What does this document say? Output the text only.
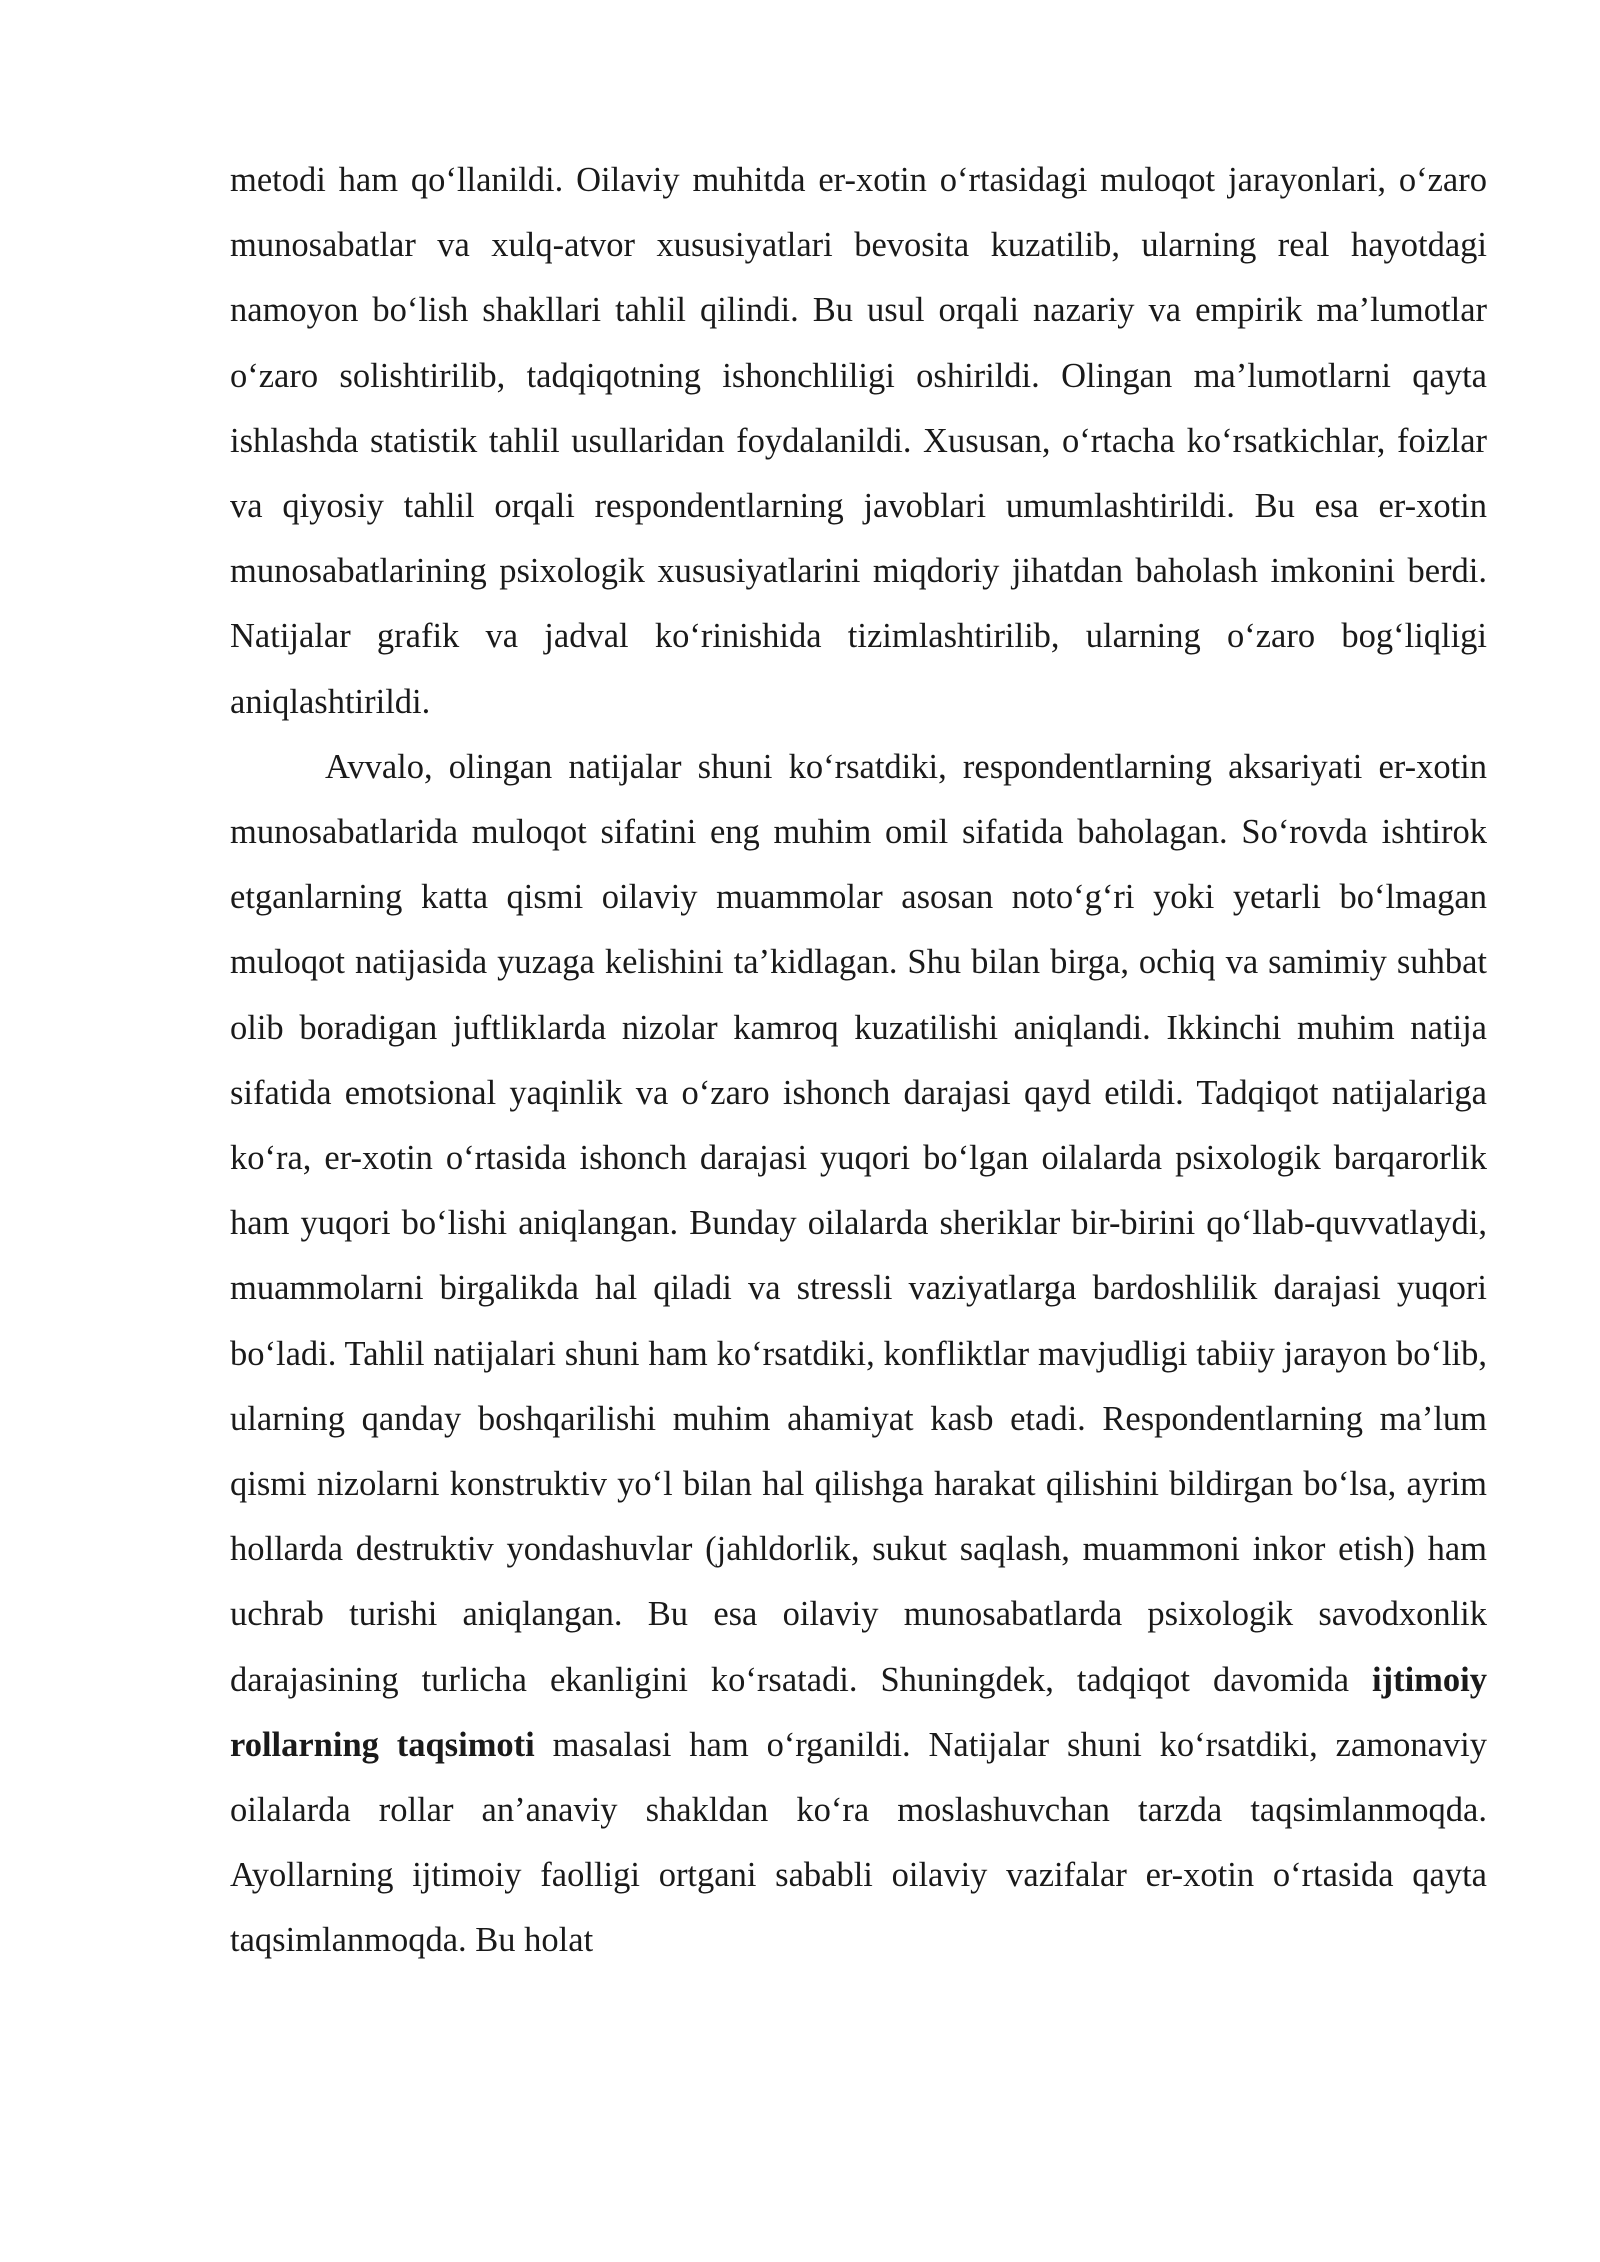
metodi ham qo‘llanildi. Oilaviy muhitda er-xotin o‘rtasidagi muloqot jarayonlari, o‘zaro munosabatlar va xulq-atvor xususiyatlari bevosita kuzatilib, ularning real hayotdagi namoyon bo‘lish shakllari tahlil qilindi. Bu usul orqali nazariy va empirik ma’lumotlar o‘zaro solishtirilib, tadqiqotning ishonchliligi oshirildi. Olingan ma’lumotlarni qayta ishlashda statistik tahlil usullaridan foydalanildi. Xususan, o‘rtacha ko‘rsatkichlar, foizlar va qiyosiy tahlil orqali respondentlarning javoblari umumlashtirildi. Bu esa er-xotin munosabatlarining psixologik xususiyatlarini miqdoriy jihatdan baholash imkonini berdi. Natijalar grafik va jadval ko‘rinishida tizimlashtirilib, ularning o‘zaro bog‘liqligi aniqlashtirildi.

Avvalo, olingan natijalar shuni ko‘rsatdiki, respondentlarning aksariyati er-xotin munosabatlarida muloqot sifatini eng muhim omil sifatida baholagan. So‘rovda ishtirok etganlarning katta qismi oilaviy muammolar asosan noto‘g‘ri yoki yetarli bo‘lmagan muloqot natijasida yuzaga kelishini ta’kidlagan. Shu bilan birga, ochiq va samimiy suhbat olib boradigan juftliklarda nizolar kamroq kuzatilishi aniqlandi. Ikkinchi muhim natija sifatida emotsional yaqinlik va o‘zaro ishonch darajasi qayd etildi. Tadqiqot natijalariga ko‘ra, er-xotin o‘rtasida ishonch darajasi yuqori bo‘lgan oilalarda psixologik barqarorlik ham yuqori bo‘lishi aniqlangan. Bunday oilalarda sheriklar bir-birini qo‘llab-quvvatlaydi, muammolarni birgalikda hal qiladi va stressli vaziyatlarga bardoshlilik darajasi yuqori bo‘ladi. Tahlil natijalari shuni ham ko‘rsatdiki, konfliktlar mavjudligi tabiiy jarayon bo‘lib, ularning qanday boshqarilishi muhim ahamiyat kasb etadi. Respondentlarning ma’lum qismi nizolarni konstruktiv yo‘l bilan hal qilishga harakat qilishini bildirgan bo‘lsa, ayrim hollarda destruktiv yondashuvlar (jahldorlik, sukut saqlash, muammoni inkor etish) ham uchrab turishi aniqlangan. Bu esa oilaviy munosabatlarda psixologik savodxonlik darajasining turlicha ekanligini ko‘rsatadi. Shuningdek, tadqiqot davomida ijtimoiy rollarning taqsimoti masalasi ham o‘rganildi. Natijalar shuni ko‘rsatdiki, zamonaviy oilalarda rollar an’anaviy shakldan ko‘ra moslashuvchan tarzda taqsimlanmoqda. Ayollarning ijtimoiy faolligi ortgani sababli oilaviy vazifalar er-xotin o‘rtasida qayta taqsimlanmoqda. Bu holat
